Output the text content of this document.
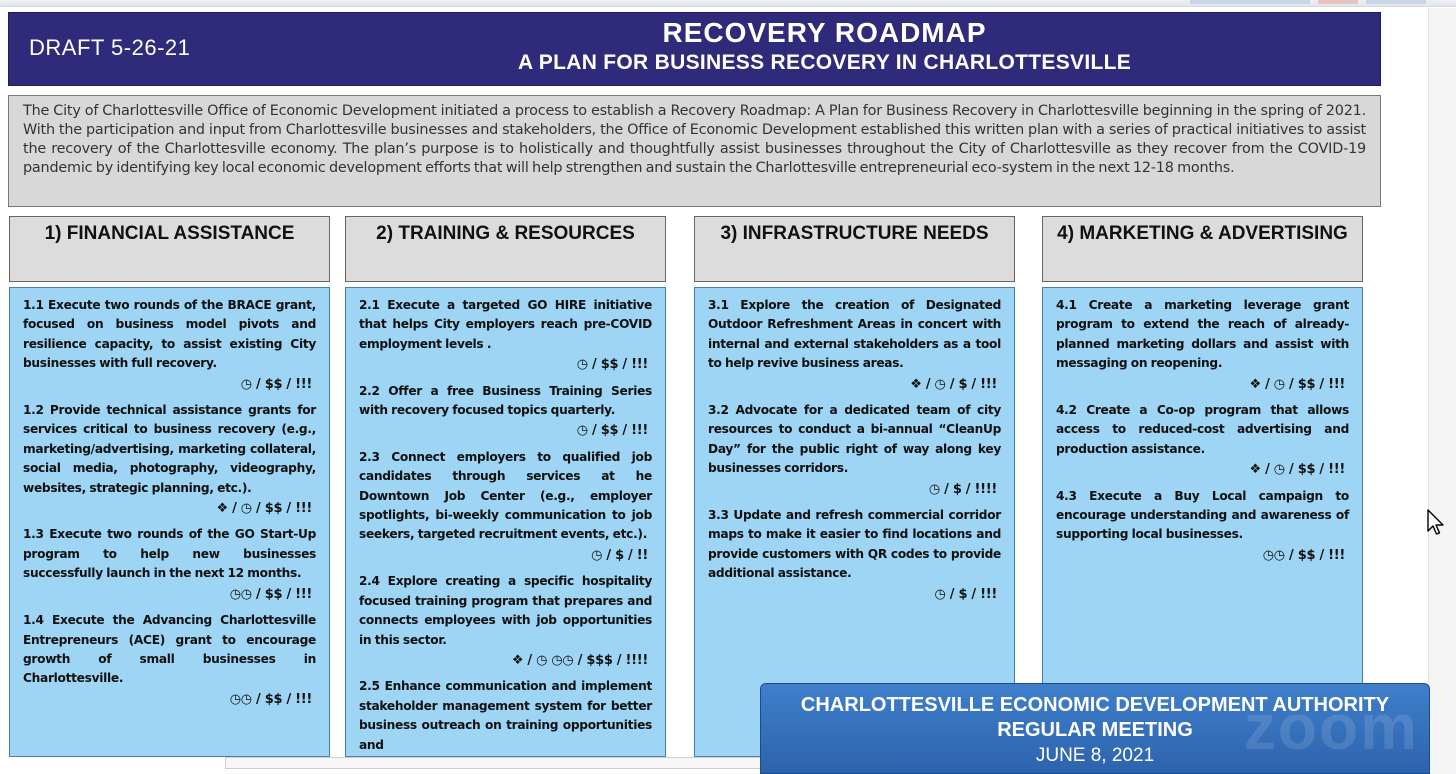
DRAFT 5-26-21	RECOVERY ROADMAP
A PLAN FOR BUSINESS RECOVERY IN CHARLOTTESVILLE
The City of Charlottesville Office of Economic Development initiated a process to establish a Recovery Roadmap: A Plan for Business Recovery in Charlottesville beginning in the spring of 2021. With the participation and input from Charlottesville businesses and stakeholders, the Office of Economic Development established this written plan with a series of practical initiatives to assist the recovery of the Charlottesville economy. The plan’s purpose is to holistically and thoughtfully assist businesses throughout the City of Charlottesville as they recover from the COVID-19 pandemic by identifying key local economic development efforts that will help strengthen and sustain the Charlottesville entrepreneurial eco-system in the next 12-18 months.
1) FINANCIAL ASSISTANCE	2) TRAINING & RESOURCES	3) INFRASTRUCTURE NEEDS	4) MARKETING & ADVERTISING
1.1 Execute two rounds of the BRACE grant, focused on business model pivots and resilience capacity, to assist existing City businesses with full recovery.
◷ / $$ / !!!
1.2 Provide technical assistance grants for services critical to business recovery (e.g., marketing/advertising, marketing collateral, social media, photography, videography, websites, strategic planning, etc.).
❖ / ◷ / $$ / !!!
1.3 Execute two rounds of the GO Start-Up program to help new businesses successfully launch in the next 12 months.
◷◷ / $$ / !!!
1.4 Execute the Advancing Charlottesville Entrepreneurs (ACE) grant to encourage growth of small businesses in Charlottesville.
◷◷ / $$ / !!!
2.1 Execute a targeted GO HIRE initiative that helps City employers reach pre-COVID employment levels .
◷ / $$ / !!!
2.2 Offer a free Business Training Series with recovery focused topics quarterly.
◷ / $$ / !!!
2.3 Connect employers to qualified job candidates through services at he Downtown Job Center (e.g., employer spotlights, bi-weekly communication to job seekers, targeted recruitment events, etc.).
◷ / $ / !!
2.4 Explore creating a specific hospitality focused training program that prepares and connects employees with job opportunities in this sector.
❖ / ◷ ◷◷ / $$$ / !!!!
2.5 Enhance communication and implement stakeholder management system for better business outreach on training opportunities and
3.1 Explore the creation of Designated Outdoor Refreshment Areas in concert with internal and external stakeholders as a tool to help revive business areas.
❖ / ◷ / $ / !!!
3.2 Advocate for a dedicated team of city resources to conduct a bi-annual “CleanUp Day” for the public right of way along key businesses corridors.
◷ / $ / !!!!
3.3 Update and refresh commercial corridor maps to make it easier to find locations and provide customers with QR codes to provide additional assistance.
◷ / $ / !!!
4.1 Create a marketing leverage grant program to extend the reach of already-planned marketing dollars and assist with messaging on reopening.
❖ / ◷ / $$ / !!!
4.2 Create a Co-op program that allows access to reduced-cost advertising and production assistance.
❖ / ◷ / $$ / !!!
4.3 Execute a Buy Local campaign to encourage understanding and awareness of supporting local businesses.
◷◷ / $$ / !!!
zoom
CHARLOTTESVILLE ECONOMIC DEVELOPMENT AUTHORITY
REGULAR MEETING
JUNE 8, 2021
